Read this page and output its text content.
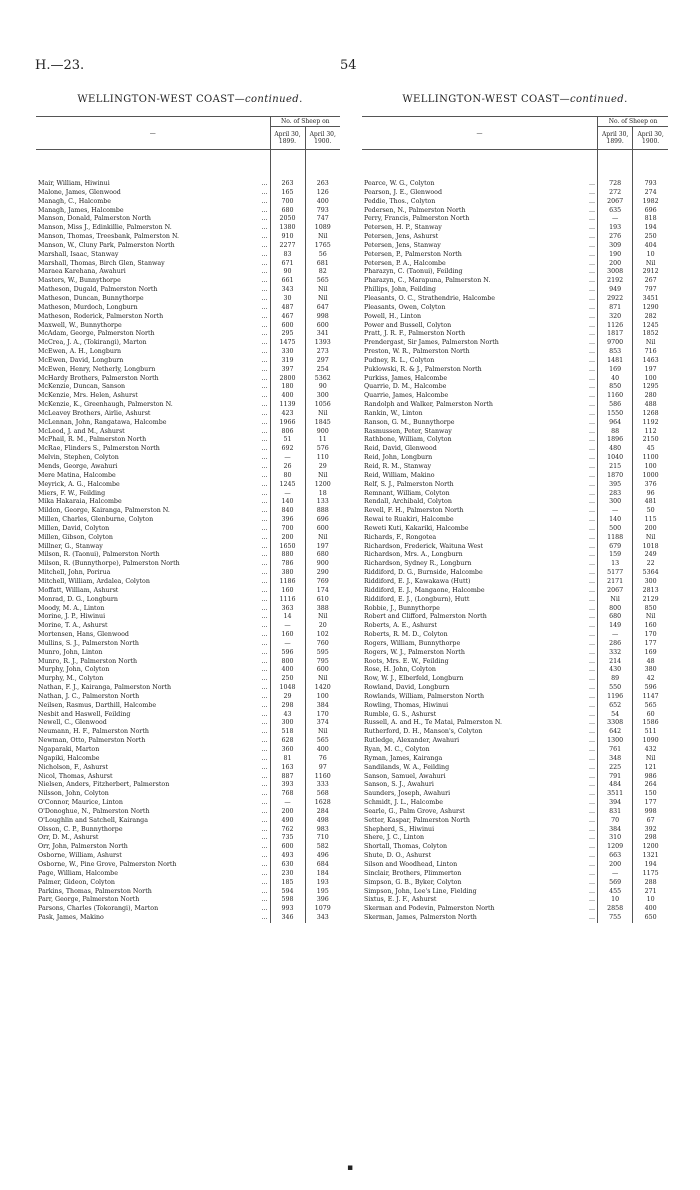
H.—23.	54
WELLINGTON-WEST COAST—continued.	WELLINGTON-WEST COAST—continued.
—	No. of Sheep on	
	April 30, 1899.	April 30, 1900.
Mair, William, Hiwinui ...	263	263
Malone, James, Glenwood ...	165	126
Managh, C., Halcombe ...	700	400
Managh, James, Halcombe ...	680	793
Manson, Donald, Palmerston North ...	2050	747
Manson, Miss J., Edinkillie, Palmerston N. ...	1380	1089
Manson, Thomas, Treesbank, Palmerston N. ...	910	Nil
Manson, W., Cluny Park, Palmerston North ...	2277	1765
Marshall, Isaac, Stanway ...	83	56
Marshall, Thomas, Birch Glen, Stanway ...	671	681
Maraea Karehana, Awahuri ...	90	82
Masters, W., Bunnythorpe ...	661	565
Matheson, Dugald, Palmerston North ...	343	Nil
Matheson, Duncan, Bunnythorpe ...	30	Nil
Matheson, Murdoch, Longburn ...	487	647
Matheson, Roderick, Palmerston North ...	467	998
Maxwell, W., Bunnythorpe ...	600	600
McAdam, George, Palmerston North ...	295	341
McCrea, J. A., (Tokirangi), Marton ...	1475	1393
McEwen, A. H., Longburn ...	330	273
McEwen, David, Longburn ...	319	297
McEwen, Henry, Netherly, Longburn ...	397	254
McHardy Brothers, Palmerston North ...	2800	5362
McKenzie, Duncan, Sanson ...	180	90
McKenzie, Mrs. Helen, Ashurst ...	400	300
McKenzie, K., Greenhaugh, Palmerston N. ...	1139	1056
McLeavey Brothers, Airlie, Ashurst ...	423	Nil
McLennan, John, Rangatawa, Halcombe ...	1966	1845
McLeod, J. and M., Ashurst ...	806	900
McPhail, R. M., Palmerston North ...	51	11
McRae, Flinders S., Palmerston North ...	692	576
Melvin, Stephen, Colyton ...	—	110
Mends, George, Awahuri ...	26	29
Mere Matina, Halcombe ...	80	Nil
Meyrick, A. G., Halcombe ...	1245	1200
Miers, F. W., Feilding ...	—	18
Mika Hakaraia, Halcombe ...	140	133
Mildon, George, Kairanga, Palmerston N. ...	840	888
Millen, Charles, Glenburne, Colyton ...	396	696
Millen, David, Colyton ...	700	600
Millen, Gibson, Colyton ...	200	Nil
Millner, G., Stanway ...	1650	197
Milson, R. (Taonui), Palmerston North ...	880	680
Milson, R. (Bunnythorpe), Palmerston North ...	786	900
Mitchell, John, Porirua ...	380	290
Mitchell, William, Ardalea, Colyton ...	1186	769
Moffatt, William, Ashurst ...	160	174
Monrad, D. G., Longburn ...	1116	610
Moody, M. A., Linton ...	363	388
Morine, J. P., Hiwinui ...	14	Nil
Morine, T. A., Ashurst ...	—	20
Mortensen, Hans, Glenwood ...	160	102
Mullins, S. J., Palmerston North ...	—	760
Munro, John, Linton ...	596	595
Munro, R. J., Palmerston North ...	800	795
Murphy, John, Colyton ...	400	600
Murphy, M., Colyton ...	250	Nil
Nathan, F. J., Kairanga, Palmerston North ...	1048	1420
Nathan, J. C., Palmerston North ...	29	100
Neilsen, Rasmus, Darthill, Halcombe ...	298	384
Nesbit and Haswell, Feilding ...	43	170
Newell, C., Glenwood ...	300	374
Neumann, H. F., Palmerston North ...	518	Nil
Newman, Otto, Palmerston North ...	628	565
Ngaparaki, Marton ...	360	400
Ngapiki, Halcombe ...	81	76
Nicholson, F., Ashurst ...	163	97
Nicol, Thomas, Ashurst ...	887	1160
Nielsen, Anders, Fitzherbert, Palmerston ...	393	333
Nilsson, John, Colyton ...	768	568
O'Connor, Maurice, Linton ...	—	1628
O'Donoghue, N., Palmerston North ...	200	284
O'Loughlin and Satchell, Kairanga ...	490	498
Olsson, C. P., Bunnythorpe ...	762	983
Orr, D. M., Ashurst ...	735	710
Orr, John, Palmerston North ...	600	582
Osborne, William, Ashurst ...	493	496
Osborne, W., Pine Grove, Palmerston North ...	630	684
Page, William, Halcombe ...	230	184
Palmer, Gideon, Colyton ...	185	193
Parkins, Thomas, Palmerston North ...	594	195
Parr, George, Palmerston North ...	598	396
Parsons, Charles (Tokorangi), Marton ...	993	1079
Pask, James, Makino ...	346	343
—	No. of Sheep on	
	April 30, 1899.	April 30, 1900.
Pearce, W. G., Colyton ...	728	793
Pearson, J. E., Glenwood ...	272	274
Peddie, Thos., Colyton ...	2067	1982
Pedersen, N., Palmerston North ...	635	696
Perry, Francis, Palmerston North ...	—	818
Petersen, H. P., Stanway ...	193	194
Petersen, Jens, Ashurst ...	276	250
Petersen, Jens, Stanway ...	309	404
Petersen, P., Palmerston North ...	190	10
Petersen, P. A., Halcombe ...	200	Nil
Pharazyn, C. (Taonui), Feilding ...	3008	2912
Pharazyn, C., Marapuna, Palmerston N. ...	2192	267
Phillips, John, Feilding ...	949	797
Pleasants, O. C., Strathendrie, Halcombe ...	2922	3451
Pleasants, Owen, Colyton ...	871	1290
Powell, H., Linton ...	320	282
Power and Bussell, Colyton ...	1126	1245
Pratt, J. R. F., Palmerston North ...	1817	1852
Prendergast, Sir James, Palmerston North ...	9700	Nil
Preston, W. R., Palmerston North ...	853	716
Pudney, R. L., Colyton ...	1481	1463
Puklowski, R. & J., Palmerston North ...	169	197
Purkiss, James, Halcombe ...	40	100
Quarrie, D. M., Halcombe ...	850	1295
Quarrie, James, Halcombe ...	1160	280
Randolph and Walker, Palmerston North ...	586	488
Rankin, W., Linton ...	1550	1268
Ranson, G. M., Bunnythorpe ...	964	1192
Rasmussen, Peter, Stanway ...	88	112
Rathbone, William, Colyton ...	1896	2150
Reid, David, Glenwood ...	480	45
Reid, John, Longburn ...	1040	1100
Reid, R. M., Stanway ...	215	100
Reid, William, Makino ...	1870	1000
Relf, S. J., Palmerston North ...	395	376
Remnant, William, Colyton ...	283	96
Rendall, Archibald, Colyton ...	300	481
Revell, F. H., Palmerston North ...	—	50
Rewai te Ruakiri, Halcombe ...	140	115
Reweti Kuti, Kakariki, Halcombe ...	500	200
Richards, F., Rongotea ...	1188	Nil
Richardson, Frederick, Waituna West ...	679	1018
Richardson, Mrs. A., Longburn ...	159	249
Richardson, Sydney R., Longburn ...	13	22
Riddiford, D. G., Burnside, Halcombe ...	5177	5364
Riddiford, E. J., Kawakawa (Hutt) ...	2171	300
Riddiford, E. J., Mangaone, Halcombe ...	2067	2813
Riddiford, E. J., (Longburn), Hutt ...	Nil	2129
Robbie, J., Bunnythorpe ...	800	850
Robert and Clifford, Palmerston North ...	680	Nil
Roberts, A. E., Ashurst ...	149	160
Roberts, R. M. D., Colyton ...	—	170
Rogers, William, Bunnythorpe ...	286	177
Rogers, W. J., Palmerston North ...	332	169
Roots, Mrs. E. W., Feilding ...	214	48
Rose, H. John, Colyton ...	430	380
Row, W. J., Elberfeld, Longburn ...	89	42
Rowland, David, Longburn ...	550	596
Rowlands, William, Palmerston North ...	1196	1147
Rowling, Thomas, Hiwinui ...	652	565
Rumble, G. S., Ashurst ...	54	60
Russell, A. and H., Te Matai, Palmerston N. ...	3308	1586
Rutherford, D. H., Manson's, Colyton ...	642	511
Rutledge, Alexander, Awahuri ...	1300	1090
Ryan, M. C., Colyton ...	761	432
Ryman, James, Kairanga ...	348	Nil
Sandilands, W. A., Feilding ...	225	121
Sanson, Samuel, Awahuri ...	791	986
Sanson, S. J., Awahuri ...	484	264
Saunders, Joseph, Awahuri ...	3511	150
Schmidt, J. L., Halcombe ...	394	177
Searle, G., Palm Grove, Ashurst ...	831	998
Setter, Kaspar, Palmerston North ...	70	67
Shepherd, S., Hiwinui ...	384	392
Shere, J. C., Linton ...	310	298
Shortall, Thomas, Colyton ...	1209	1200
Shute, D. O., Ashurst ...	663	1321
Silson and Woodhead, Linton ...	200	194
Sinclair, Brothers, Plimmerton ...	—	1175
Simpson, G. B., Byker, Colyton ...	569	288
Simpson, John, Lee's Line, Fielding ...	455	271
Sixtus, E. J. F., Ashurst ...	10	10
Skerman and Podevin, Palmerston North ...	2858	400
Skerman, James, Palmerston North ...	755	650
▪
